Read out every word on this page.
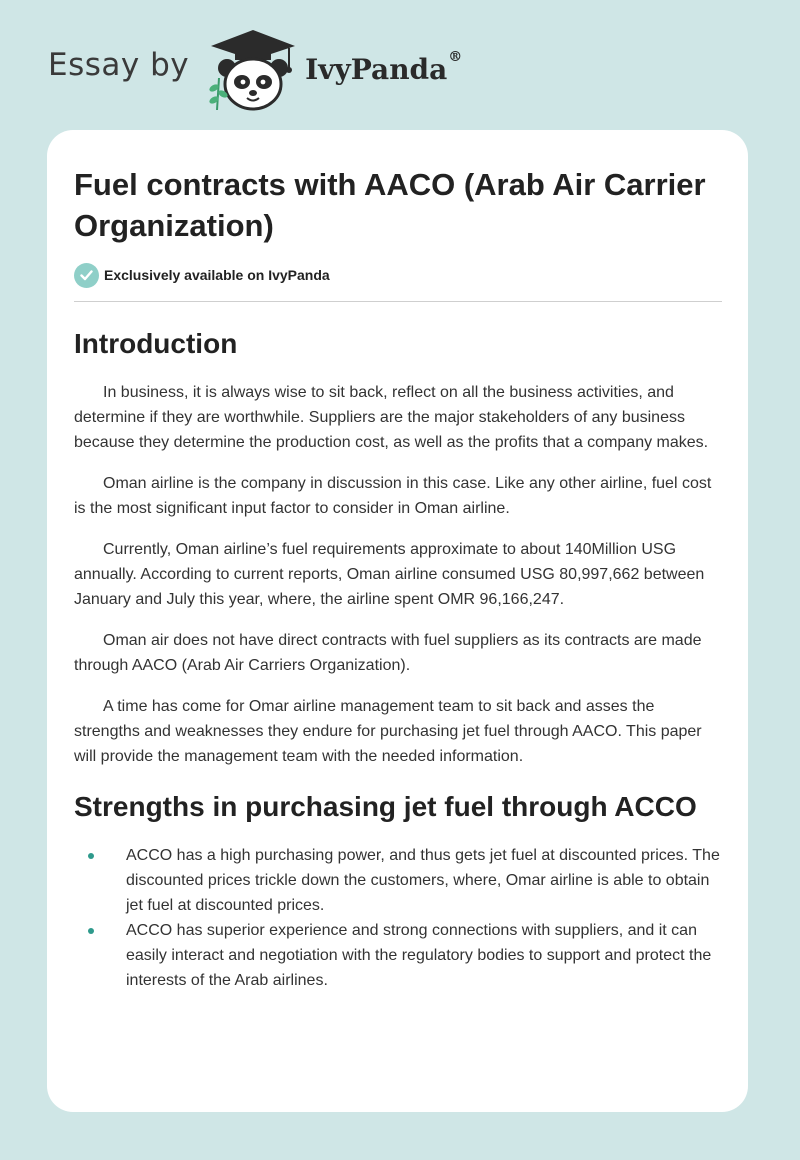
Essay by	IvyPanda®
Fuel contracts with AACO (Arab Air Carrier Organization)
Exclusively available on IvyPanda
Introduction

In business, it is always wise to sit back, reflect on all the business activities, and determine if they are worthwhile. Suppliers are the major stakeholders of any business because they determine the production cost, as well as the profits that a company makes.

Oman airline is the company in discussion in this case. Like any other airline, fuel cost is the most significant input factor to consider in Oman airline.

Currently, Oman airline’s fuel requirements approximate to about 140Million USG annually. According to current reports, Oman airline consumed USG 80,997,662 between January and July this year, where, the airline spent OMR 96,166,247.

Oman air does not have direct contracts with fuel suppliers as its contracts are made through AACO (Arab Air Carriers Organization).

A time has come for Omar airline management team to sit back and asses the strengths and weaknesses they endure for purchasing jet fuel through AACO. This paper will provide the management team with the needed information.

Strengths in purchasing jet fuel through ACCO
ACCO has a high purchasing power, and thus gets jet fuel at discounted prices. The discounted prices trickle down the customers, where, Omar airline is able to obtain jet fuel at discounted prices.
ACCO has superior experience and strong connections with suppliers, and it can easily interact and negotiation with the regulatory bodies to support and protect the interests of the Arab airlines.
